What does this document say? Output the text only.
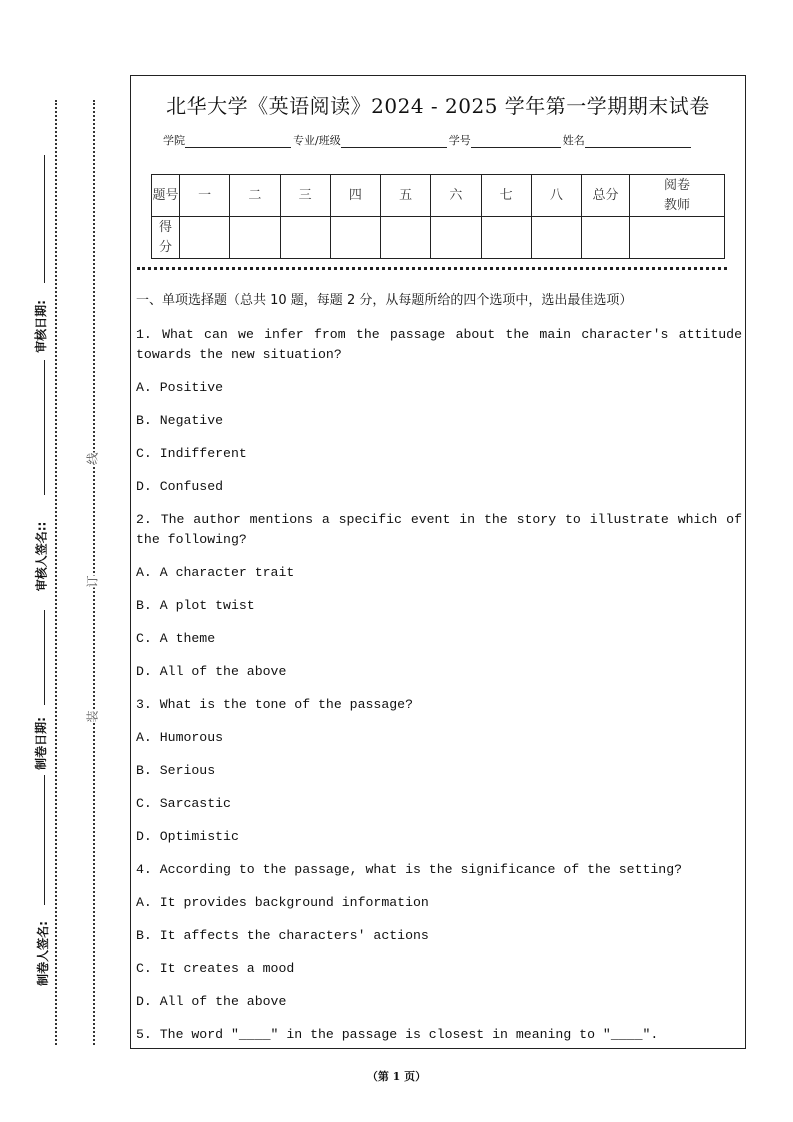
审核日期:
审核人签名::
制卷日期:
制卷人签名:
线
订
装
北华大学《英语阅读》2024 - 2025 学年第一学期期末试卷
学院	专业/班级	学号	姓名
题号	一	二	三	四	五	六	七	八	总分	阅卷教师
得分										

一、单项选择题（总共 10 题，每题 2 分，从每题所给的四个选项中，选出最佳选项）

1. What can we infer from the passage about the main character's attitude towards the new situation?

A. Positive

B. Negative

C. Indifferent

D. Confused

2. The author mentions a specific event in the story to illustrate which of the following?

A. A character trait

B. A plot twist

C. A theme

D. All of the above

3. What is the tone of the passage?

A. Humorous

B. Serious

C. Sarcastic

D. Optimistic

4. According to the passage, what is the significance of the setting?

A. It provides background information

B. It affects the characters' actions

C. It creates a mood

D. All of the above

5. The word "____" in the passage is closest in meaning to "____".

（第 1 页）
